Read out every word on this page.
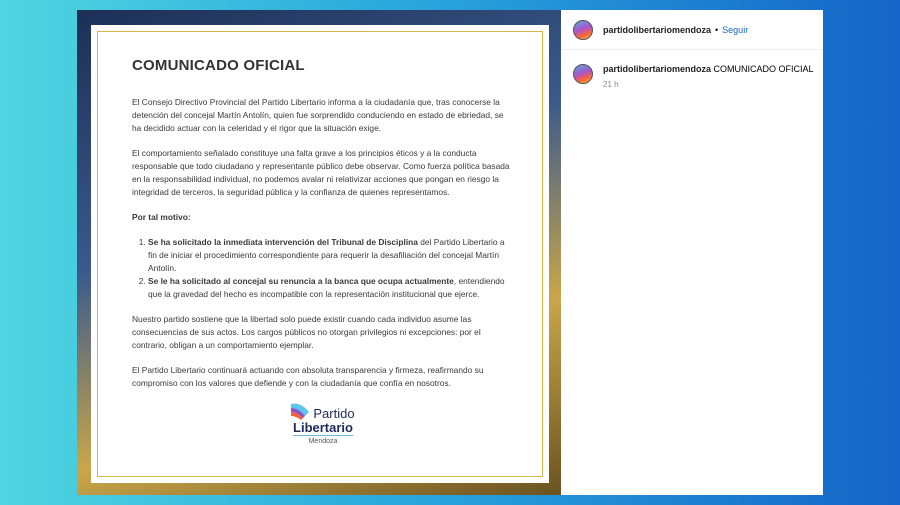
COMUNICADO OFICIAL

El Consejo Directivo Provincial del Partido Libertario informa a la ciudadanía que, tras conocerse la detención del concejal Martín Antolín, quien fue sorprendido conduciendo en estado de ebriedad, se ha decidido actuar con la celeridad y el rigor que la situación exige.

El comportamiento señalado constituye una falta grave a los principios éticos y a la conducta responsable que todo ciudadano y representante público debe observar. Como fuerza política basada en la responsabilidad individual, no podemos avalar ni relativizar acciones que pongan en riesgo la integridad de terceros, la seguridad pública y la confianza de quienes representamos.

Por tal motivo:

1. Se ha solicitado la inmediata intervención del Tribunal de Disciplina del Partido Libertario a fin de iniciar el procedimiento correspondiente para requerir la desafiliación del concejal Martín Antolín.
2. Se le ha solicitado al concejal su renuncia a la banca que ocupa actualmente, entendiendo que la gravedad del hecho es incompatible con la representación institucional que ejerce.

Nuestro partido sostiene que la libertad solo puede existir cuando cada individuo asume las consecuencias de sus actos. Los cargos públicos no otorgan privilegios ni excepciones: por el contrario, obligan a un comportamiento ejemplar.

El Partido Libertario continuará actuando con absoluta transparencia y firmeza, reafirmando su compromiso con los valores que defiende y con la ciudadanía que confía en nosotros.

Partido
Libertario
Mendoza
partidolibertariomendoza • Seguir
partidolibertariomendoza COMUNICADO OFICIAL
21 h
